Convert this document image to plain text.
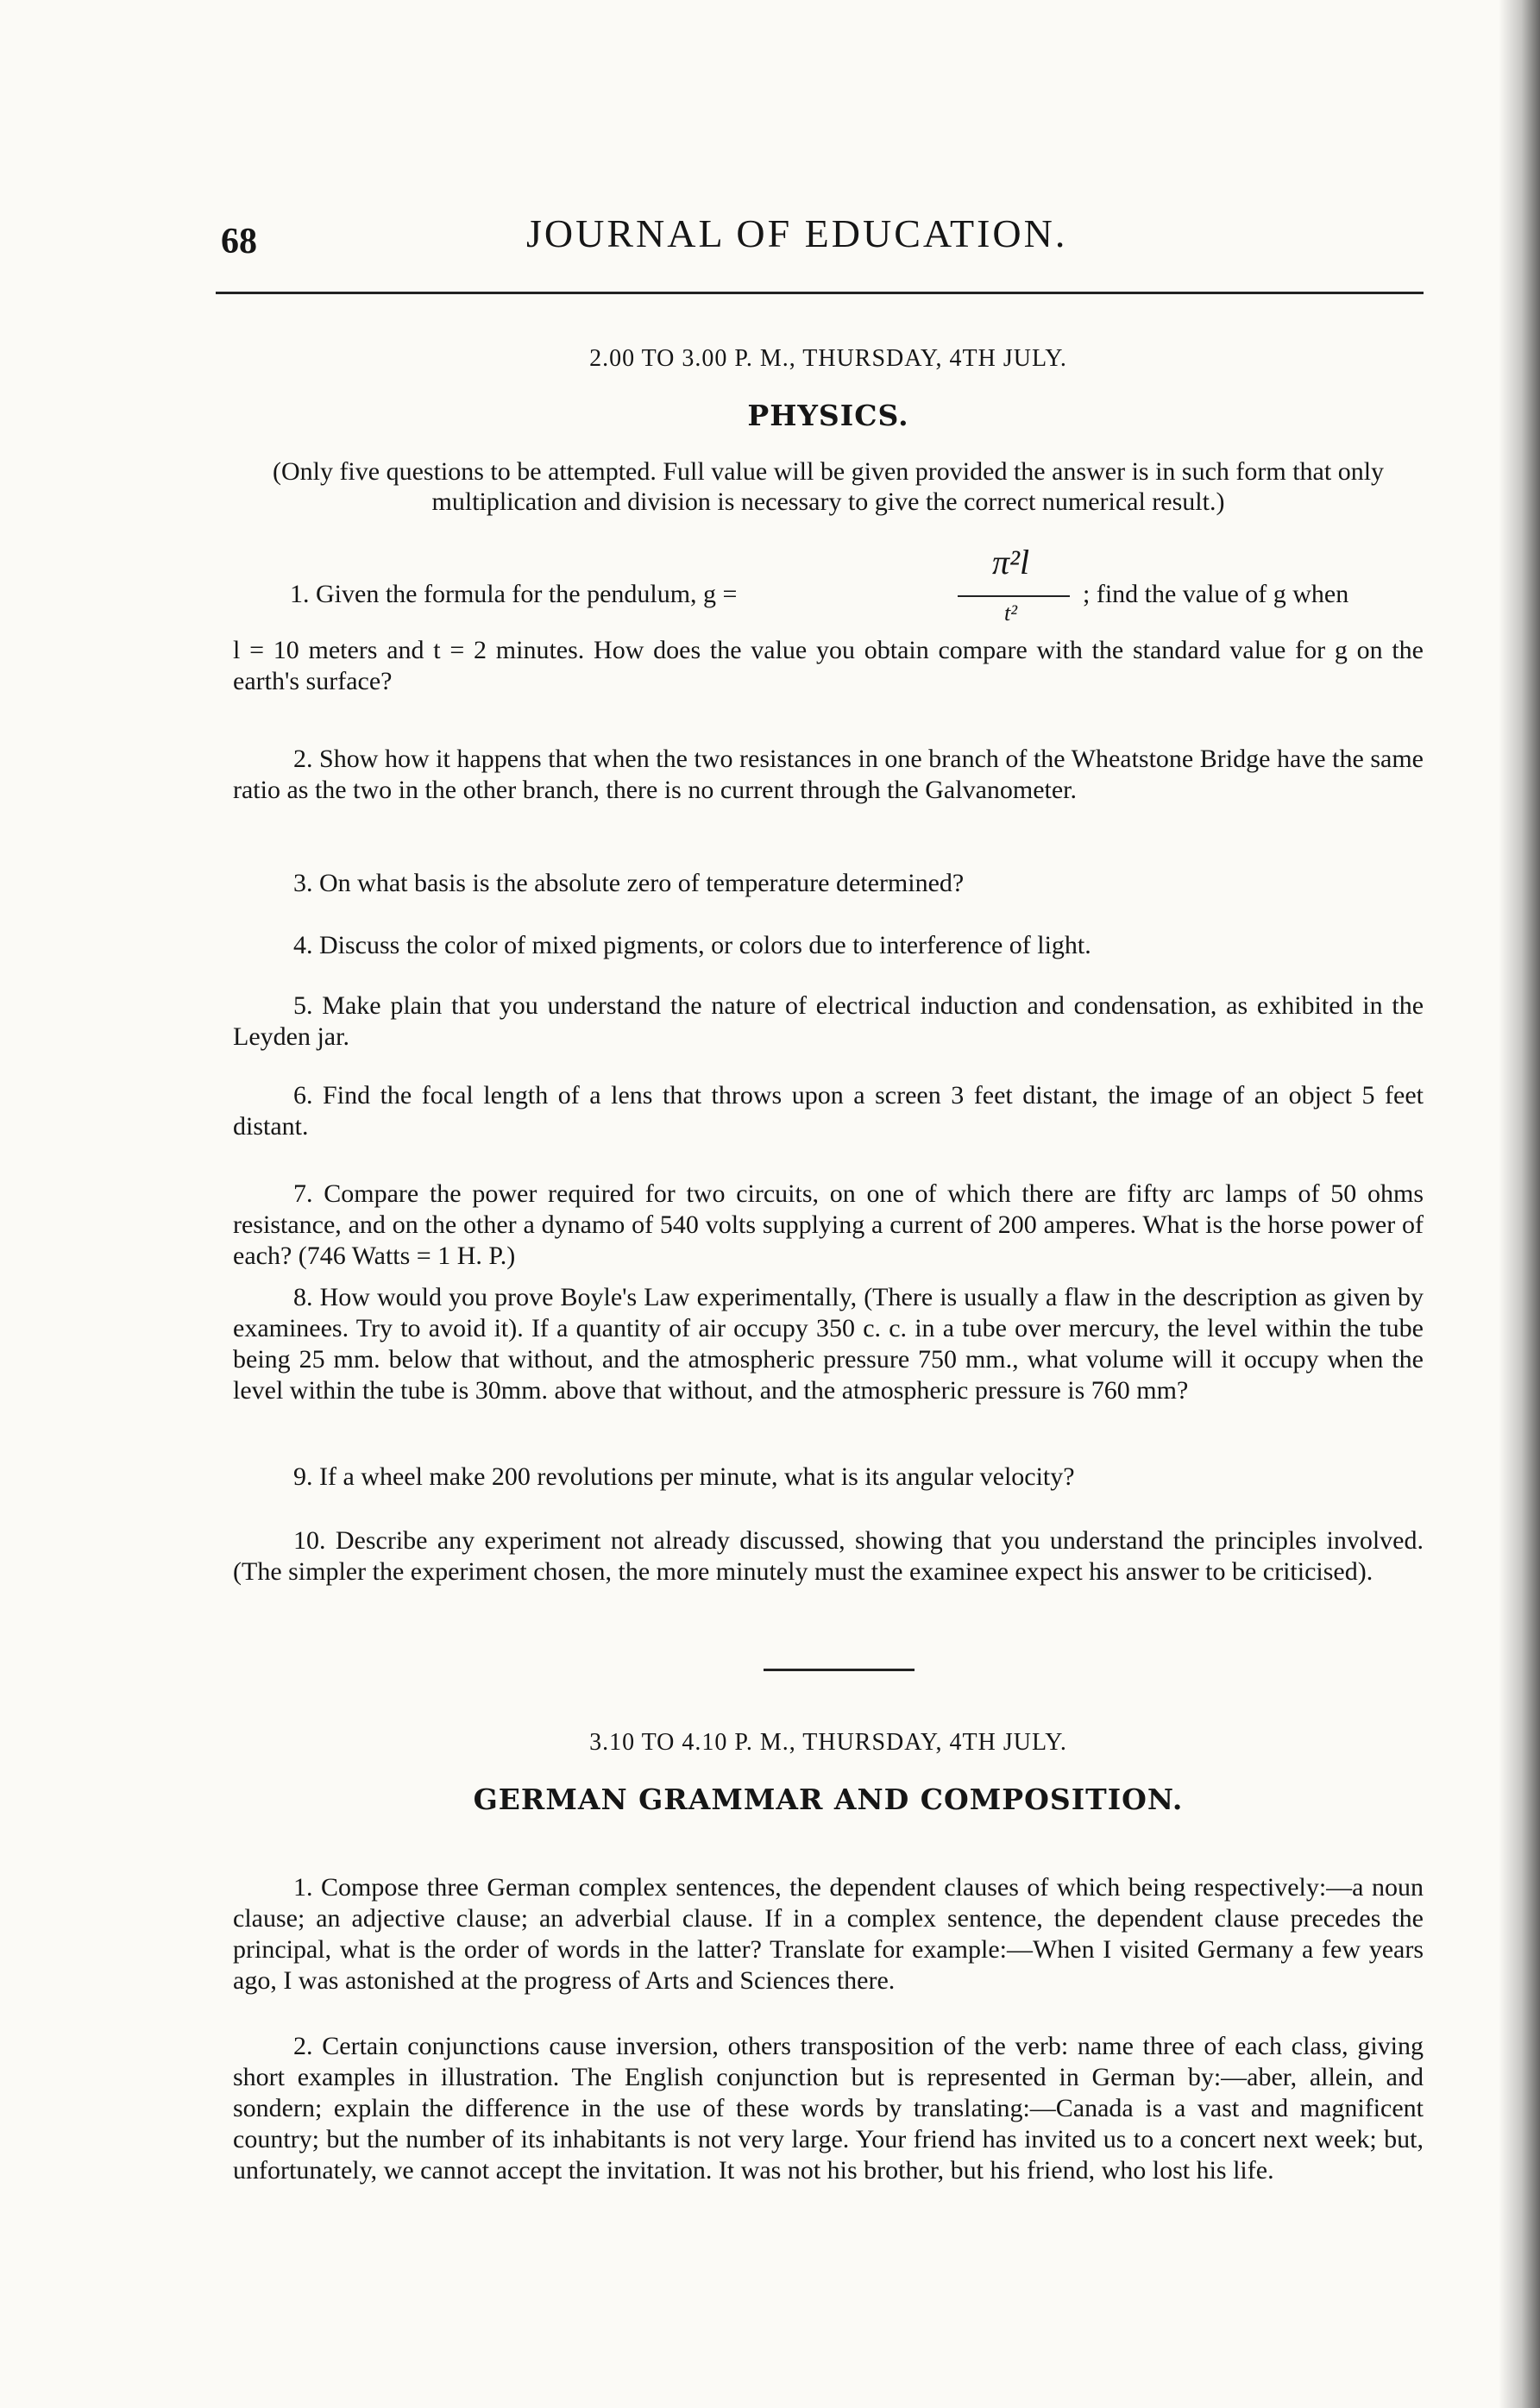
68	JOURNAL OF EDUCATION.
2.00 TO 3.00 P. M., THURSDAY, 4TH JULY.
PHYSICS.
(Only five questions to be attempted. Full value will be given provided the answer is in such form that only multiplication and division is necessary to give the correct numerical result.)
1. Given the formula for the pendulum, g =
π²l
t²
; find the value of g when

l = 10 meters and t = 2 minutes. How does the value you obtain compare with the standard value for g on the earth's surface?

2. Show how it happens that when the two resistances in one branch of the Wheatstone Bridge have the same ratio as the two in the other branch, there is no current through the Galvanometer.

3. On what basis is the absolute zero of temperature determined?

4. Discuss the color of mixed pigments, or colors due to interference of light.

5. Make plain that you understand the nature of electrical induction and condensation, as exhibited in the Leyden jar.

6. Find the focal length of a lens that throws upon a screen 3 feet distant, the image of an object 5 feet distant.

7. Compare the power required for two circuits, on one of which there are fifty arc lamps of 50 ohms resistance, and on the other a dynamo of 540 volts supplying a current of 200 amperes. What is the horse power of each? (746 Watts = 1 H. P.)

8. How would you prove Boyle's Law experimentally, (There is usually a flaw in the description as given by examinees. Try to avoid it). If a quantity of air occupy 350 c. c. in a tube over mercury, the level within the tube being 25 mm. below that without, and the atmospheric pressure 750 mm., what volume will it occupy when the level within the tube is 30mm. above that without, and the atmospheric pressure is 760 mm?

9. If a wheel make 200 revolutions per minute, what is its angular velocity?

10. Describe any experiment not already discussed, showing that you understand the principles involved. (The simpler the experiment chosen, the more minutely must the examinee expect his answer to be criticised).

3.10 TO 4.10 P. M., THURSDAY, 4TH JULY.
GERMAN GRAMMAR AND COMPOSITION.

1. Compose three German complex sentences, the dependent clauses of which being respectively:—a noun clause; an adjective clause; an adverbial clause. If in a complex sentence, the dependent clause precedes the principal, what is the order of words in the latter? Translate for example:—When I visited Germany a few years ago, I was astonished at the progress of Arts and Sciences there.

2. Certain conjunctions cause inversion, others transposition of the verb: name three of each class, giving short examples in illustration. The English conjunction but is represented in German by:—aber, allein, and sondern; explain the difference in the use of these words by translating:—Canada is a vast and magnificent country; but the number of its inhabitants is not very large. Your friend has invited us to a concert next week; but, unfortunately, we cannot accept the invitation. It was not his brother, but his friend, who lost his life.
